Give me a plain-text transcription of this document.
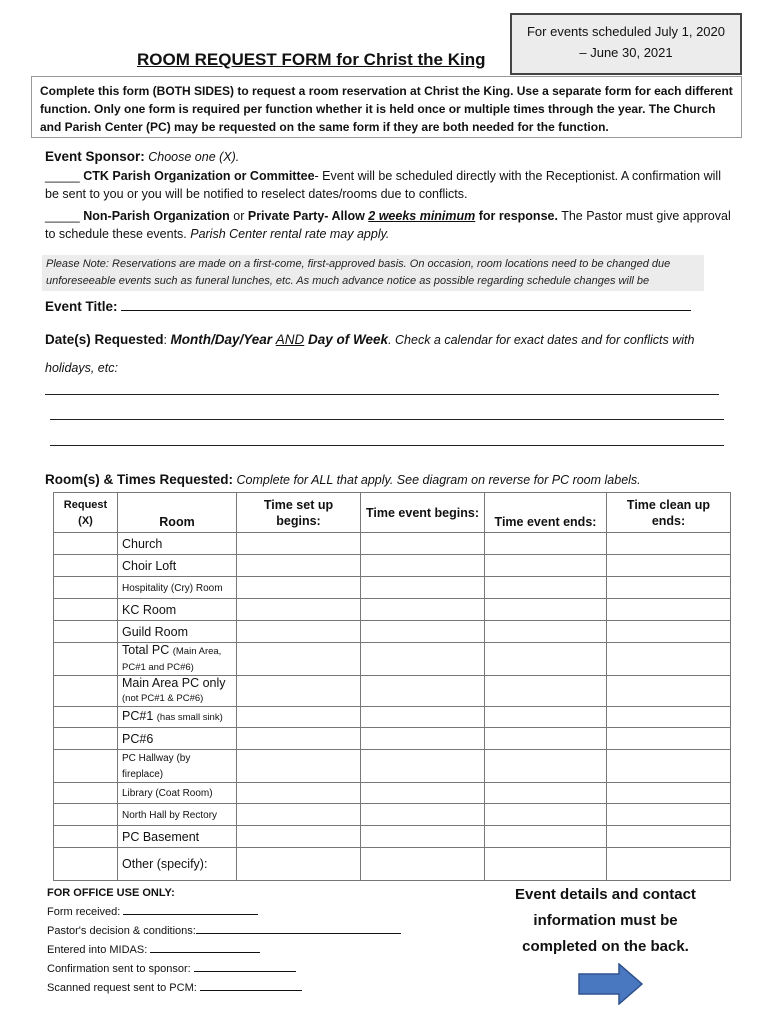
For events scheduled July 1, 2020
– June 30, 2021
ROOM REQUEST FORM for Christ the King
Complete this form (BOTH SIDES) to request a room reservation at Christ the King. Use a separate form for each different function. Only one form is required per function whether it is held once or multiple times through the year. The Church and Parish Center (PC) may be requested on the same form if they are both needed for the function.
Event Sponsor: Choose one (X).
_____ CTK Parish Organization or Committee- Event will be scheduled directly with the Receptionist. A confirmation will be sent to you or you will be notified to reselect dates/rooms due to conflicts.
_____ Non-Parish Organization or Private Party- Allow 2 weeks minimum for response. The Pastor must give approval to schedule these events. Parish Center rental rate may apply.
Please Note: Reservations are made on a first-come, first-approved basis. On occasion, room locations need to be changed due unforeseeable events such as funeral lunches, etc. As much advance notice as possible regarding schedule changes will be
Event Title:
Date(s) Requested: Month/Day/Year AND Day of Week. Check a calendar for exact dates and for conflicts with holidays, etc:
Room(s) & Times Requested: Complete for ALL that apply. See diagram on reverse for PC room labels.
Request (X)	Room	Time set up begins:	Time event begins:	Time event ends:	Time clean up ends:
	Church				
	Choir Loft				
	Hospitality (Cry) Room				
	KC Room				
	Guild Room				
	Total PC (Main Area, PC#1 and PC#6)				
	Main Area PC only (not PC#1 & PC#6)				
	PC#1 (has small sink)				
	PC#6				
	PC Hallway (by fireplace)				
	Library (Coat Room)				
	North Hall by Rectory				
	PC Basement				
	Other (specify):				
FOR OFFICE USE ONLY:
Form received:
Pastor's decision & conditions:
Entered into MIDAS:
Confirmation sent to sponsor:
Scanned request sent to PCM:
Event details and contact information must be completed on the back.
